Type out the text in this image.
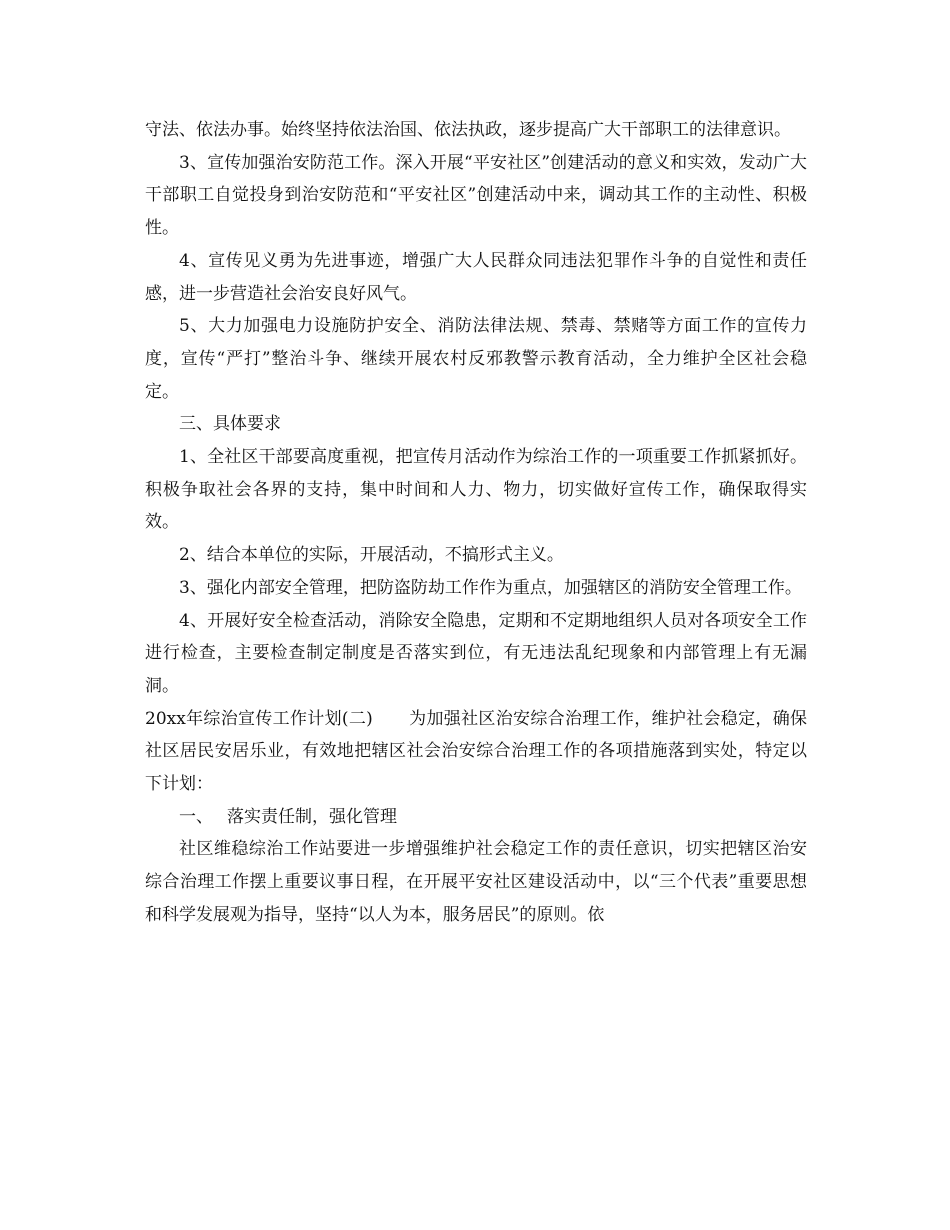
守法、依法办事。始终坚持依法治国、依法执政，逐步提高广大干部职工的法律意识。

3、宣传加强治安防范工作。深入开展“平安社区”创建活动的意义和实效，发动广大干部职工自觉投身到治安防范和“平安社区”创建活动中来，调动其工作的主动性、积极性。

4、宣传见义勇为先进事迹，增强广大人民群众同违法犯罪作斗争的自觉性和责任感，进一步营造社会治安良好风气。

5、大力加强电力设施防护安全、消防法律法规、禁毒、禁赌等方面工作的宣传力度，宣传“严打”整治斗争、继续开展农村反邪教警示教育活动，全力维护全区社会稳定。

三、具体要求

1、全社区干部要高度重视，把宣传月活动作为综治工作的一项重要工作抓紧抓好。积极争取社会各界的支持，集中时间和人力、物力，切实做好宣传工作，确保取得实效。

2、结合本单位的实际，开展活动，不搞形式主义。

3、强化内部安全管理，把防盗防劫工作作为重点，加强辖区的消防安全管理工作。

4、开展好安全检查活动，消除安全隐患，定期和不定期地组织人员对各项安全工作进行检查，主要检查制定制度是否落实到位，有无违法乱纪现象和内部管理上有无漏洞。

20xx年综治宣传工作计划(二) 为加强社区治安综合治理工作，维护社会稳定，确保社区居民安居乐业，有效地把辖区社会治安综合治理工作的各项措施落到实处，特定以下计划：

一、 落实责任制，强化管理

社区维稳综治工作站要进一步增强维护社会稳定工作的责任意识，切实把辖区治安综合治理工作摆上重要议事日程，在开展平安社区建设活动中，以“三个代表”重要思想和科学发展观为指导，坚持“以人为本，服务居民”的原则。依
